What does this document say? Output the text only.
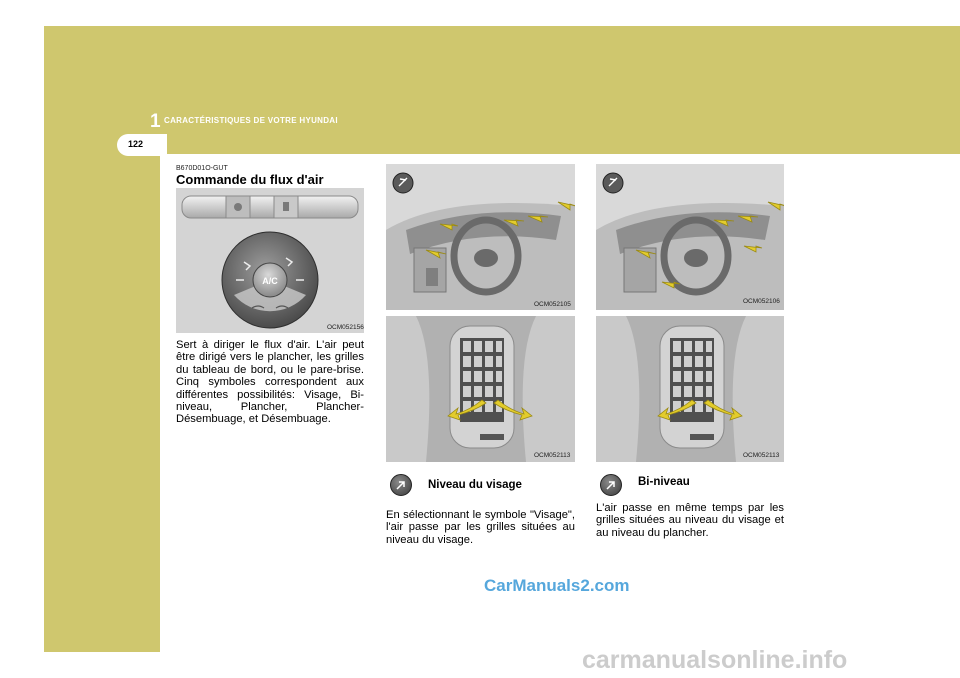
1 CARACTÉRISTIQUES DE VOTRE HYUNDAI
122
B670D01O-GUT
Commande du flux d'air
A/C
OCM052156

Sert à diriger le flux d'air. L'air peut être dirigé vers le plancher, les grilles du tableau de bord, ou le pare-brise. Cinq symboles correspondent aux différentes possibilités: Visage, Bi-niveau, Plancher, Plancher-Désembuage, et Désembuage.

OCM052105
OCM052113
Niveau du visage

En sélectionnant le symbole "Visage", l'air passe par les grilles situées au niveau du visage.

OCM052106
OCM052113
Bi-niveau

L'air passe en même temps par les grilles situées au niveau du visage et au niveau du plancher.

CarManuals2.com
carmanualsonline.info
